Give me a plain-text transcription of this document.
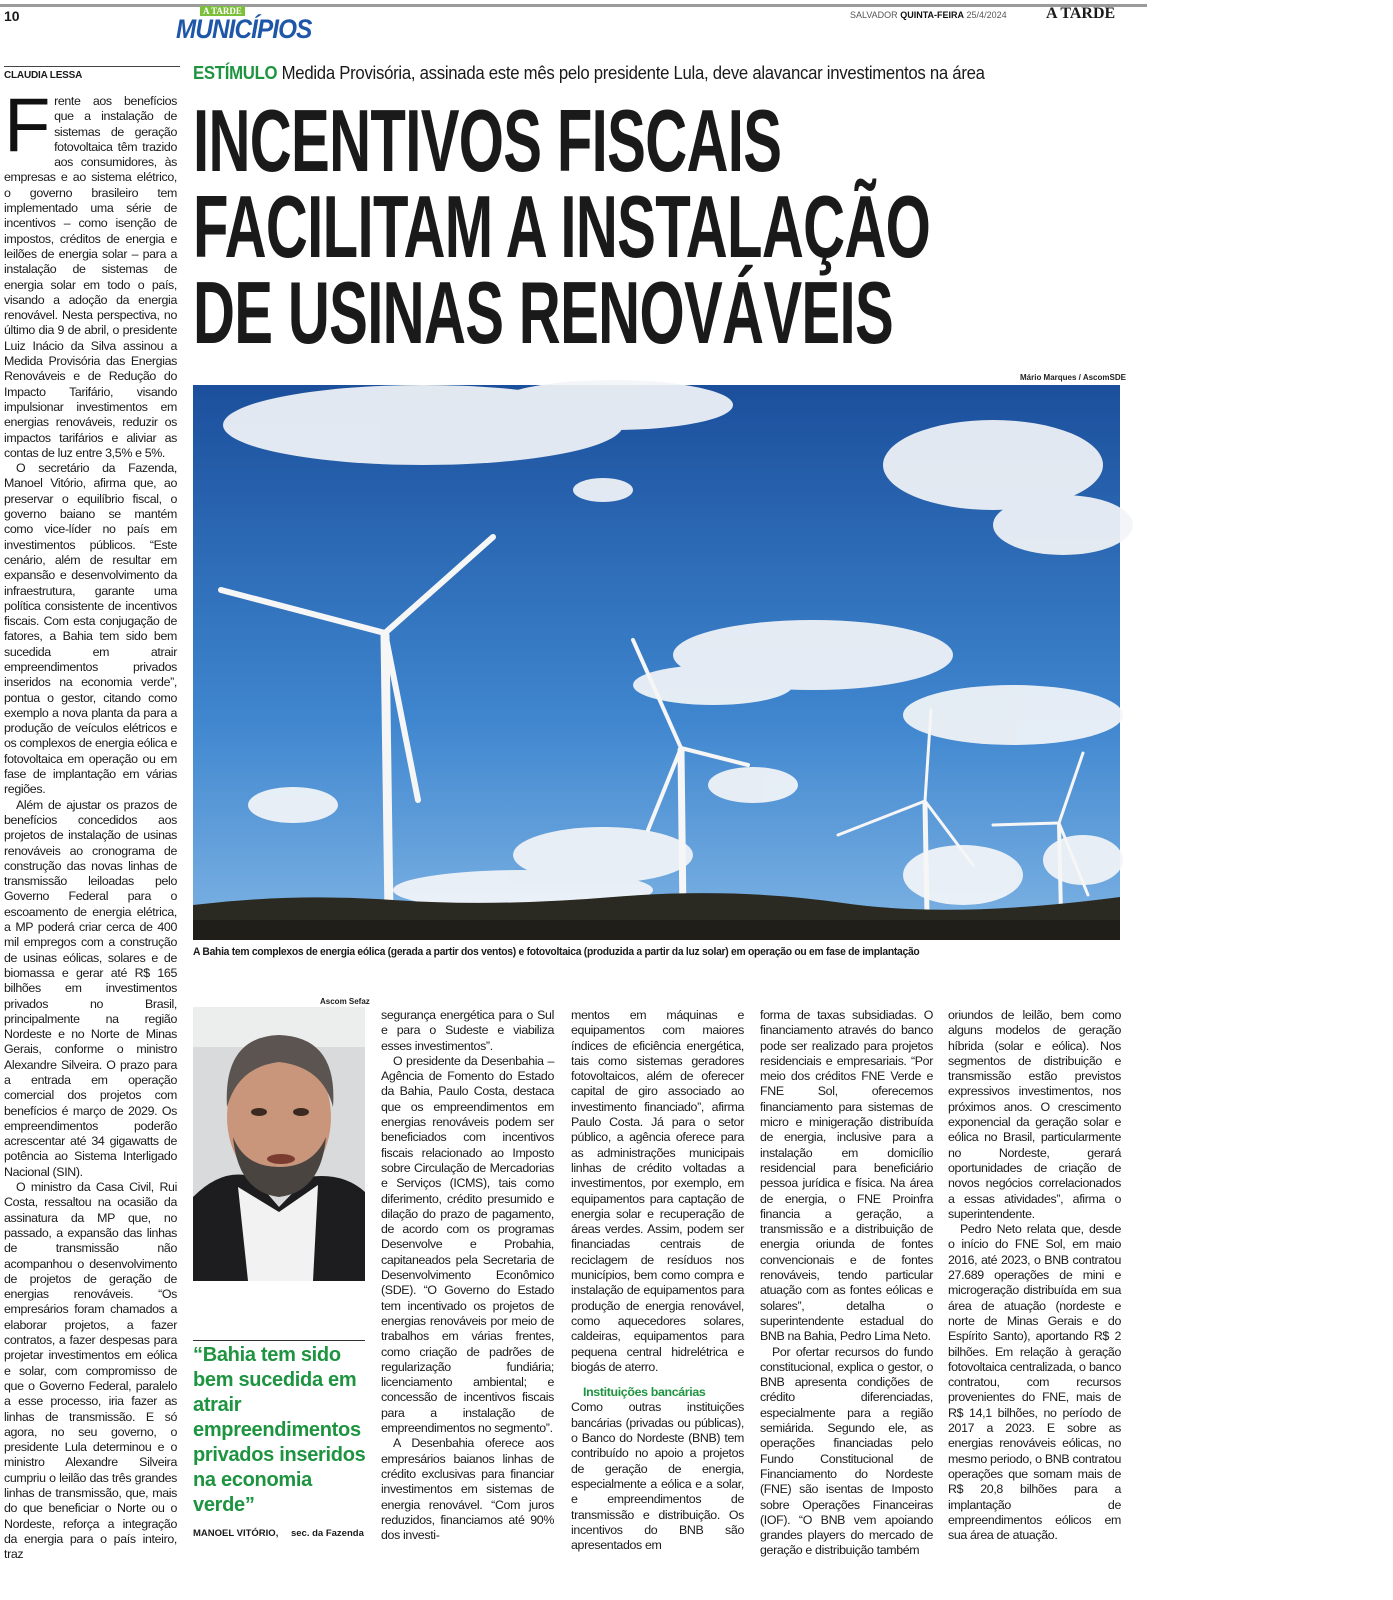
10	A TARDE
MUNICÍPIOS	SALVADOR QUINTA-FEIRA 25/4/2024 A TARDE
CLAUDIA LESSA	ESTÍMULO Medida Provisória, assinada este mês pelo presidente Lula, deve alavancar investimentos na área
INCENTIVOS FISCAIS
FACILITAM A INSTALAÇÃO
DE USINAS RENOVÁVEIS
Mário Marques / AscomSDE
A Bahia tem complexos de energia eólica (gerada a partir dos ventos) e fotovoltaica (produzida a partir da luz solar) em operação ou em fase de implantação
F rente aos benefícios que a instalação de sistemas de geração fotovoltaica têm trazido aos consumidores, às empresas e ao sistema elétrico, o governo brasileiro tem implementado uma série de incentivos – como isenção de impostos, créditos de energia e leilões de energia solar – para a instalação de sistemas de energia solar em todo o país, visando a adoção da energia renovável. Nesta perspectiva, no último dia 9 de abril, o presidente Luiz Inácio da Silva assinou a Medida Provisória das Energias Renováveis e de Redução do Impacto Tarifário, visando impulsionar investimentos em energias renováveis, reduzir os impactos tarifários e aliviar as contas de luz entre 3,5% e 5%.

O secretário da Fazenda, Manoel Vitório, afirma que, ao preservar o equilíbrio fiscal, o governo baiano se mantém como vice-líder no país em investimentos públicos. “Este cenário, além de resultar em expansão e desenvolvimento da infraestrutura, garante uma política consistente de incentivos fiscais. Com esta conjugação de fatores, a Bahia tem sido bem sucedida em atrair empreendimentos privados inseridos na economia verde”, pontua o gestor, citando como exemplo a nova planta da para a produção de veículos elétricos e os complexos de energia eólica e fotovoltaica em operação ou em fase de implantação em várias regiões.

Além de ajustar os prazos de benefícios concedidos aos projetos de instalação de usinas renováveis ao cronograma de construção das novas linhas de transmissão leiloadas pelo Governo Federal para o escoamento de energia elétrica, a MP poderá criar cerca de 400 mil empregos com a construção de usinas eólicas, solares e de biomassa e gerar até R$ 165 bilhões em investimentos privados no Brasil, principalmente na região Nordeste e no Norte de Minas Gerais, conforme o ministro Alexandre Silveira. O prazo para a entrada em operação comercial dos projetos com benefícios é março de 2029. Os empreendimentos poderão acrescentar até 34 gigawatts de potência ao Sistema Interligado Nacional (SIN).

O ministro da Casa Civil, Rui Costa, ressaltou na ocasião da assinatura da MP que, no passado, a expansão das linhas de transmissão não acompanhou o desenvolvimento de projetos de geração de energias renováveis. “Os empresários foram chamados a elaborar projetos, a fazer contratos, a fazer despesas para projetar investimentos em eólica e solar, com compromisso de que o Governo Federal, paralelo a esse processo, iria fazer as linhas de transmissão. E só agora, no seu governo, o presidente Lula determinou e o ministro Alexandre Silveira cumpriu o leilão das três grandes linhas de transmissão, que, mais do que beneficiar o Norte ou o Nordeste, reforça a integração da energia para o país inteiro, traz

Ascom Sefaz
“Bahia tem sido bem sucedida em atrair empreendimentos privados inseridos na economia verde”
MANOEL VITÓRIO, sec. da Fazenda

segurança energética para o Sul e para o Sudeste e viabiliza esses investimentos”.

O presidente da Desenbahia – Agência de Fomento do Estado da Bahia, Paulo Costa, destaca que os empreendimentos em energias renováveis podem ser beneficiados com incentivos fiscais relacionado ao Imposto sobre Circulação de Mercadorias e Serviços (ICMS), tais como diferimento, crédito presumido e dilação do prazo de pagamento, de acordo com os programas Desenvolve e Probahia, capitaneados pela Secretaria de Desenvolvimento Econômico (SDE). “O Governo do Estado tem incentivado os projetos de energias renováveis por meio de trabalhos em várias frentes, como criação de padrões de regularização fundiária; licenciamento ambiental; e concessão de incentivos fiscais para a instalação de empreendimentos no segmento”.

A Desenbahia oferece aos empresários baianos linhas de crédito exclusivas para financiar investimentos em sistemas de energia renovável. “Com juros reduzidos, financiamos até 90% dos investi-

mentos em máquinas e equipamentos com maiores índices de eficiência energética, tais como sistemas geradores fotovoltaicos, além de oferecer capital de giro associado ao investimento financiado”, afirma Paulo Costa. Já para o setor público, a agência oferece para as administrações municipais linhas de crédito voltadas a investimentos, por exemplo, em equipamentos para captação de energia solar e recuperação de áreas verdes. Assim, podem ser financiadas centrais de reciclagem de resíduos nos municípios, bem como compra e instalação de equipamentos para produção de energia renovável, como aquecedores solares, caldeiras, equipamentos para pequena central hidrelétrica e biogás de aterro.

Instituições bancárias

Como outras instituições bancárias (privadas ou públicas), o Banco do Nordeste (BNB) tem contribuído no apoio a projetos de geração de energia, especialmente a eólica e a solar, e empreendimentos de transmissão e distribuição. Os incentivos do BNB são apresentados em

forma de taxas subsidiadas. O financiamento através do banco pode ser realizado para projetos residenciais e empresariais. “Por meio dos créditos FNE Verde e FNE Sol, oferecemos financiamento para sistemas de micro e minigeração distribuída de energia, inclusive para a instalação em domicílio residencial para beneficiário pessoa jurídica e física. Na área de energia, o FNE Proinfra financia a geração, a transmissão e a distribuição de energia oriunda de fontes convencionais e de fontes renováveis, tendo particular atuação com as fontes eólicas e solares”, detalha o superintendente estadual do BNB na Bahia, Pedro Lima Neto.

Por ofertar recursos do fundo constitucional, explica o gestor, o BNB apresenta condições de crédito diferenciadas, especialmente para a região semiárida. Segundo ele, as operações financiadas pelo Fundo Constitucional de Financiamento do Nordeste (FNE) são isentas de Imposto sobre Operações Financeiras (IOF). “O BNB vem apoiando grandes players do mercado de geração e distribuição também

oriundos de leilão, bem como alguns modelos de geração híbrida (solar e eólica). Nos segmentos de distribuição e transmissão estão previstos expressivos investimentos, nos próximos anos. O crescimento exponencial da geração solar e eólica no Brasil, particularmente no Nordeste, gerará oportunidades de criação de novos negócios correlacionados a essas atividades”, afirma o superintendente.

Pedro Neto relata que, desde o início do FNE Sol, em maio 2016, até 2023, o BNB contratou 27.689 operações de mini e microgeração distribuída em sua área de atuação (nordeste e norte de Minas Gerais e do Espírito Santo), aportando R$ 2 bilhões. Em relação à geração fotovoltaica centralizada, o banco contratou, com recursos provenientes do FNE, mais de R$ 14,1 bilhões, no período de 2017 a 2023. E sobre as energias renováveis eólicas, no mesmo periodo, o BNB contratou operações que somam mais de R$ 20,8 bilhões para a implantação de empreendimentos eólicos em sua área de atuação.
